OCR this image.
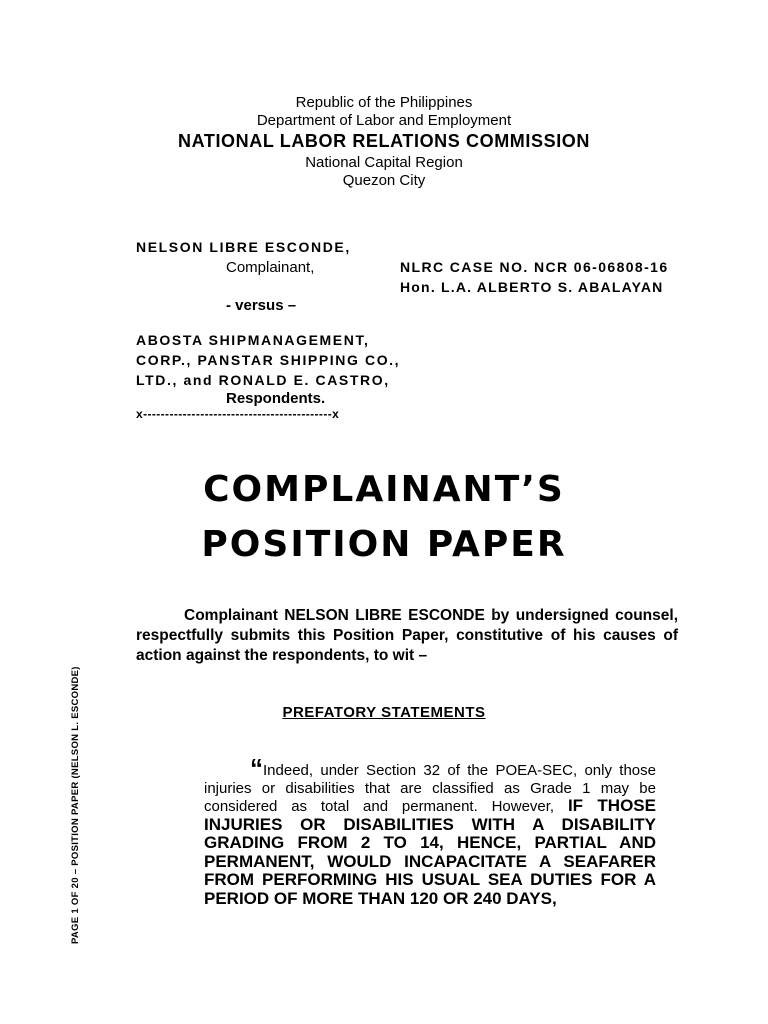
Republic of the Philippines
Department of Labor and Employment
NATIONAL LABOR RELATIONS COMMISSION
National Capital Region
Quezon City
NELSON LIBRE ESCONDE,
Complainant,	NLRC CASE NO. NCR 06-06808-16
Hon. L.A. ALBERTO S. ABALAYAN
- versus –
ABOSTA SHIPMANAGEMENT,
CORP., PANSTAR SHIPPING CO.,
LTD., and RONALD E. CASTRO,
Respondents.
x-------------------------------------------x
COMPLAINANT’S
POSITION PAPER
Complainant NELSON LIBRE ESCONDE by undersigned counsel, respectfully submits this Position Paper, constitutive of his causes of action against the respondents, to wit –
PREFATORY STATEMENTS
“Indeed, under Section 32 of the POEA-SEC, only those injuries or disabilities that are classified as Grade 1 may be considered as total and permanent. However, IF THOSE INJURIES OR DISABILITIES WITH A DISABILITY GRADING FROM 2 TO 14, HENCE, PARTIAL AND PERMANENT, WOULD INCAPACITATE A SEAFARER FROM PERFORMING HIS USUAL SEA DUTIES FOR A PERIOD OF MORE THAN 120 OR 240 DAYS,
PAGE 1 OF 20 – POSITION PAPER (NELSON L. ESCONDE)
